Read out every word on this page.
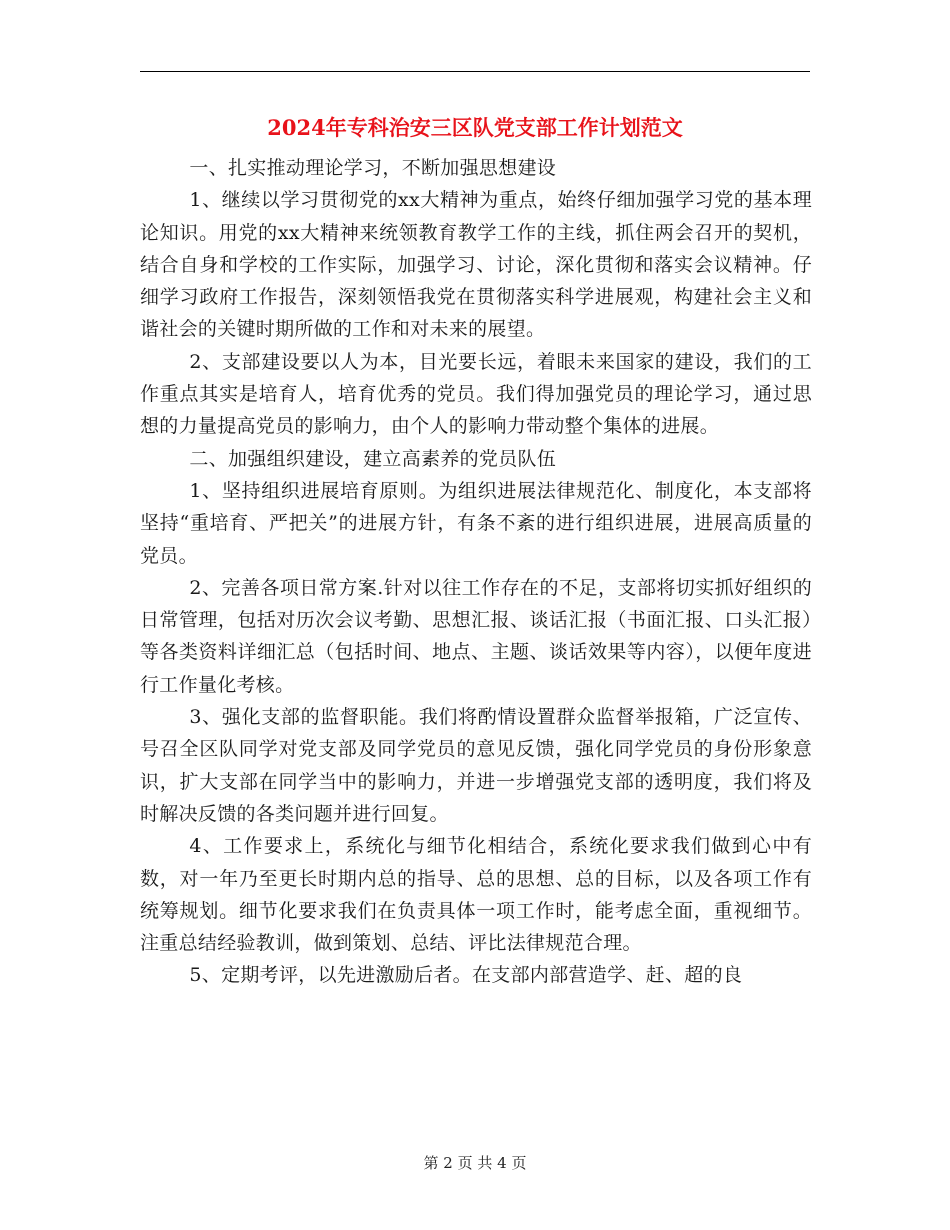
2024年专科治安三区队党支部工作计划范文

一、扎实推动理论学习，不断加强思想建设

1、继续以学习贯彻党的xx大精神为重点，始终仔细加强学习党的基本理论知识。用党的xx大精神来统领教育教学工作的主线，抓住两会召开的契机，结合自身和学校的工作实际，加强学习、讨论，深化贯彻和落实会议精神。仔细学习政府工作报告，深刻领悟我党在贯彻落实科学进展观，构建社会主义和谐社会的关键时期所做的工作和对未来的展望。

2、支部建设要以人为本，目光要长远，着眼未来国家的建设，我们的工作重点其实是培育人，培育优秀的党员。我们得加强党员的理论学习，通过思想的力量提高党员的影响力，由个人的影响力带动整个集体的进展。

二、加强组织建设，建立高素养的党员队伍

1、坚持组织进展培育原则。为组织进展法律规范化、制度化，本支部将坚持“重培育、严把关”的进展方针，有条不紊的进行组织进展，进展高质量的党员。

2、完善各项日常方案.针对以往工作存在的不足，支部将切实抓好组织的日常管理，包括对历次会议考勤、思想汇报、谈话汇报（书面汇报、口头汇报）等各类资料详细汇总（包括时间、地点、主题、谈话效果等内容），以便年度进行工作量化考核。

3、强化支部的监督职能。我们将酌情设置群众监督举报箱，广泛宣传、号召全区队同学对党支部及同学党员的意见反馈，强化同学党员的身份形象意识，扩大支部在同学当中的影响力，并进一步增强党支部的透明度，我们将及时解决反馈的各类问题并进行回复。

4、工作要求上，系统化与细节化相结合，系统化要求我们做到心中有数，对一年乃至更长时期内总的指导、总的思想、总的目标，以及各项工作有统筹规划。细节化要求我们在负责具体一项工作时，能考虑全面，重视细节。注重总结经验教训，做到策划、总结、评比法律规范合理。

5、定期考评，以先进激励后者。在支部内部营造学、赶、超的良

第 2 页 共 4 页
